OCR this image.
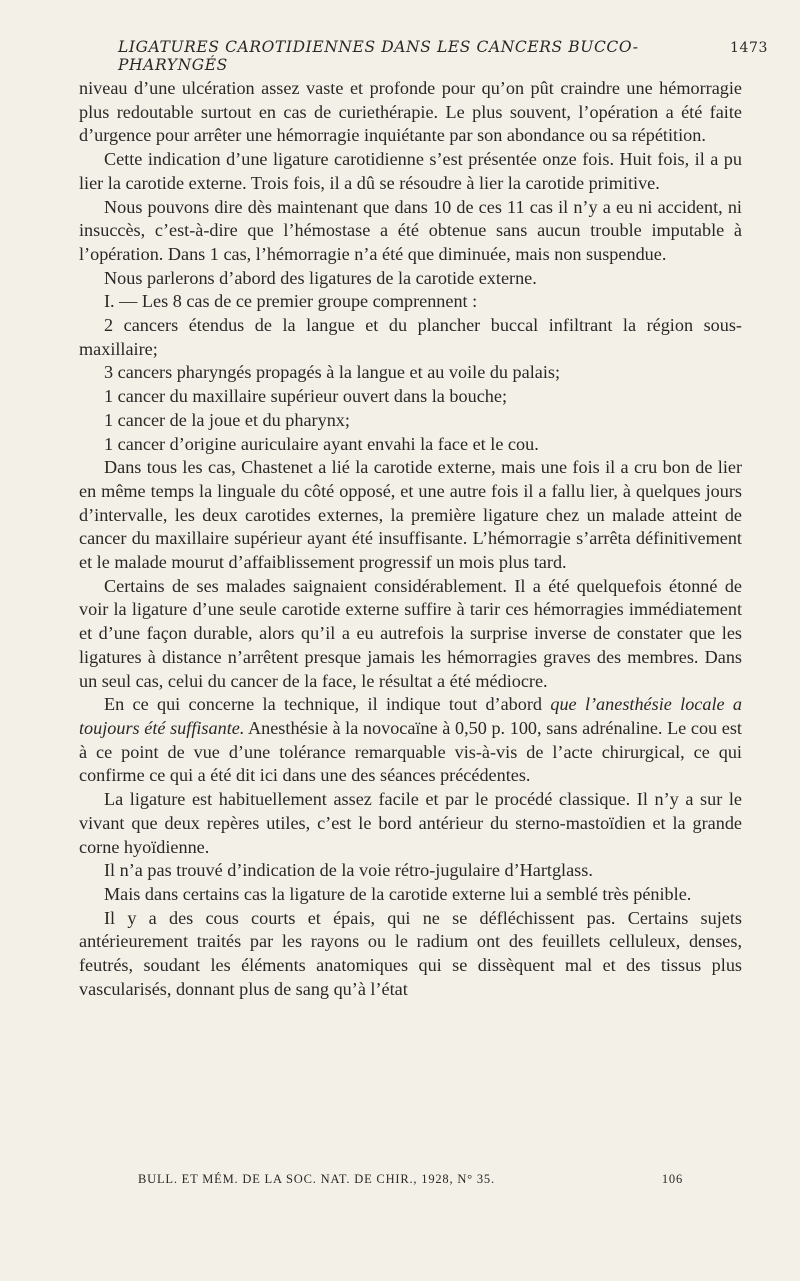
LIGATURES CAROTIDIENNES DANS LES CANCERS BUCCO-PHARYNGÉS
1473

niveau d’une ulcération assez vaste et profonde pour qu’on pût craindre une hémorragie plus redoutable surtout en cas de curiethérapie. Le plus souvent, l’opération a été faite d’urgence pour arrêter une hémorragie inquiétante par son abondance ou sa répétition.

Cette indication d’une ligature carotidienne s’est présentée onze fois. Huit fois, il a pu lier la carotide externe. Trois fois, il a dû se résoudre à lier la carotide primitive.

Nous pouvons dire dès maintenant que dans 10 de ces 11 cas il n’y a eu ni accident, ni insuccès, c’est-à-dire que l’hémostase a été obtenue sans aucun trouble imputable à l’opération. Dans 1 cas, l’hémorragie n’a été que diminuée, mais non suspendue.

Nous parlerons d’abord des ligatures de la carotide externe.

I. — Les 8 cas de ce premier groupe comprennent :

2 cancers étendus de la langue et du plancher buccal infiltrant la région sous-maxillaire;

3 cancers pharyngés propagés à la langue et au voile du palais;

1 cancer du maxillaire supérieur ouvert dans la bouche;

1 cancer de la joue et du pharynx;

1 cancer d’origine auriculaire ayant envahi la face et le cou.

Dans tous les cas, Chastenet a lié la carotide externe, mais une fois il a cru bon de lier en même temps la linguale du côté opposé, et une autre fois il a fallu lier, à quelques jours d’intervalle, les deux carotides externes, la première ligature chez un malade atteint de cancer du maxillaire supérieur ayant été insuffisante. L’hémorragie s’arrêta définitivement et le malade mourut d’affaiblissement progressif un mois plus tard.

Certains de ses malades saignaient considérablement. Il a été quelquefois étonné de voir la ligature d’une seule carotide externe suffire à tarir ces hémorragies immédiatement et d’une façon durable, alors qu’il a eu autrefois la surprise inverse de constater que les ligatures à distance n’arrêtent presque jamais les hémorragies graves des membres. Dans un seul cas, celui du cancer de la face, le résultat a été médiocre.

En ce qui concerne la technique, il indique tout d’abord que l’anesthésie locale a toujours été suffisante. Anesthésie à la novocaïne à 0,50 p. 100, sans adrénaline. Le cou est à ce point de vue d’une tolérance remarquable vis-à-vis de l’acte chirurgical, ce qui confirme ce qui a été dit ici dans une des séances précédentes.

La ligature est habituellement assez facile et par le procédé classique. Il n’y a sur le vivant que deux repères utiles, c’est le bord antérieur du sterno-mastoïdien et la grande corne hyoïdienne.

Il n’a pas trouvé d’indication de la voie rétro-jugulaire d’Hartglass.

Mais dans certains cas la ligature de la carotide externe lui a semblé très pénible.

Il y a des cous courts et épais, qui ne se défléchissent pas. Certains sujets antérieurement traités par les rayons ou le radium ont des feuillets celluleux, denses, feutrés, soudant les éléments anatomiques qui se dissèquent mal et des tissus plus vascularisés, donnant plus de sang qu’à l’état

BULL. ET MÉM. DE LA SOC. NAT. DE CHIR., 1928, N° 35.	106
